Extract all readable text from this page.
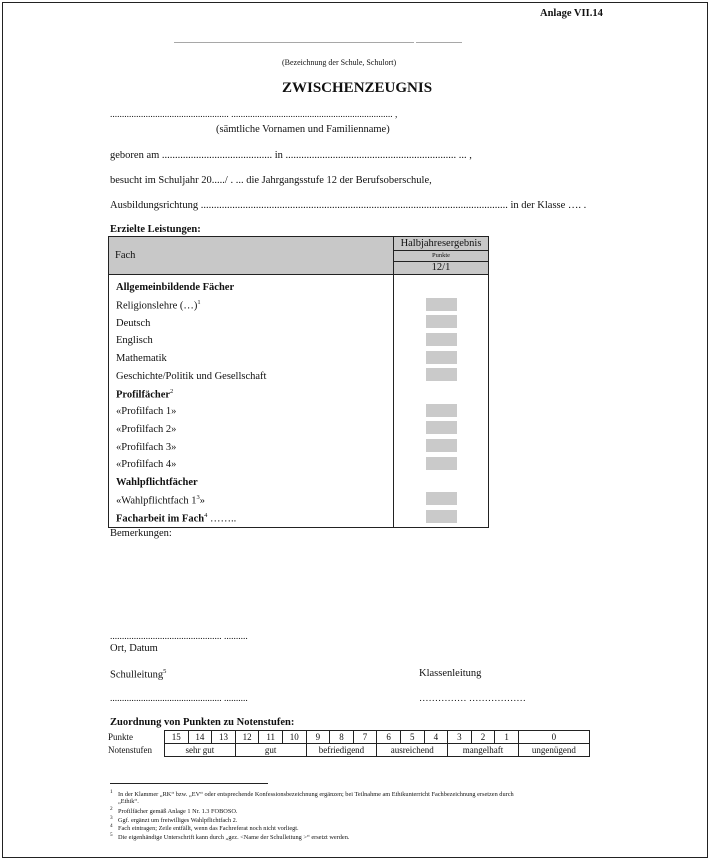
Anlage VII.14
........................................................................................................................ .......................
(Bezeichnung der Schule, Schulort)
ZWISCHENZEUGNIS
.................................................. .................................................................... ,
(sämtliche Vornamen und Familienname)
geboren am .......................................... in ................................................................. ... ,
besucht im Schuljahr 20...../ . ... die Jahrgangsstufe 12 der Berufsoberschule,
Ausbildungsrichtung ..................................................................................................................... in der Klasse …. .
Erzielte Leistungen:
Fach	Halbjahresergebnis
	Punkte
	12/1
Allgemeinbildende Fächer	
Religionslehre (…)$^1$	
Deutsch	
Englisch	
Mathematik	
Geschichte/Politik und Gesellschaft	
Profilfächer$^2$	
«Profilfach 1»	
«Profilfach 2»	
«Profilfach 3»	
«Profilfach 4»	
Wahlpflichtfächer	
«Wahlpflichtfach $1^3$»	
Facharbeit im Fach$^4$ ……..	
Bemerkungen:
............................................... ..........
Ort, Datum
Schulleitung$^5$	Klassenleitung
............................................... ..........	…………… ………………
Zuordnung von Punkten zu Notenstufen:
Punkte	15	14	13	12	11	10	9	8	7	6	5	4	3	2	1	0
Notenstufen	sehr gut			gut			befriedigend			ausreichend			mangelhaft			ungenügend
$^1$ In der Klammer „RK“ bzw. „EV“ oder entsprechende Konfessionsbezeichnung ergänzen; bei Teilnahme am Ethikunterricht Fachbezeichnung ersetzen durch
„Ethik“.
$^2$ Profilfächer gemäß Anlage 1 Nr. 1.3 FOBOSO.
$^3$ Ggf. ergänzt um freiwilliges Wahlpflichtfach 2.
$^4$ Fach eintragen; Zeile entfällt, wenn das Fachreferat noch nicht vorliegt.
$^5$ Die eigenhändige Unterschrift kann durch „gez. <Name der Schulleitung >“ ersetzt werden.
